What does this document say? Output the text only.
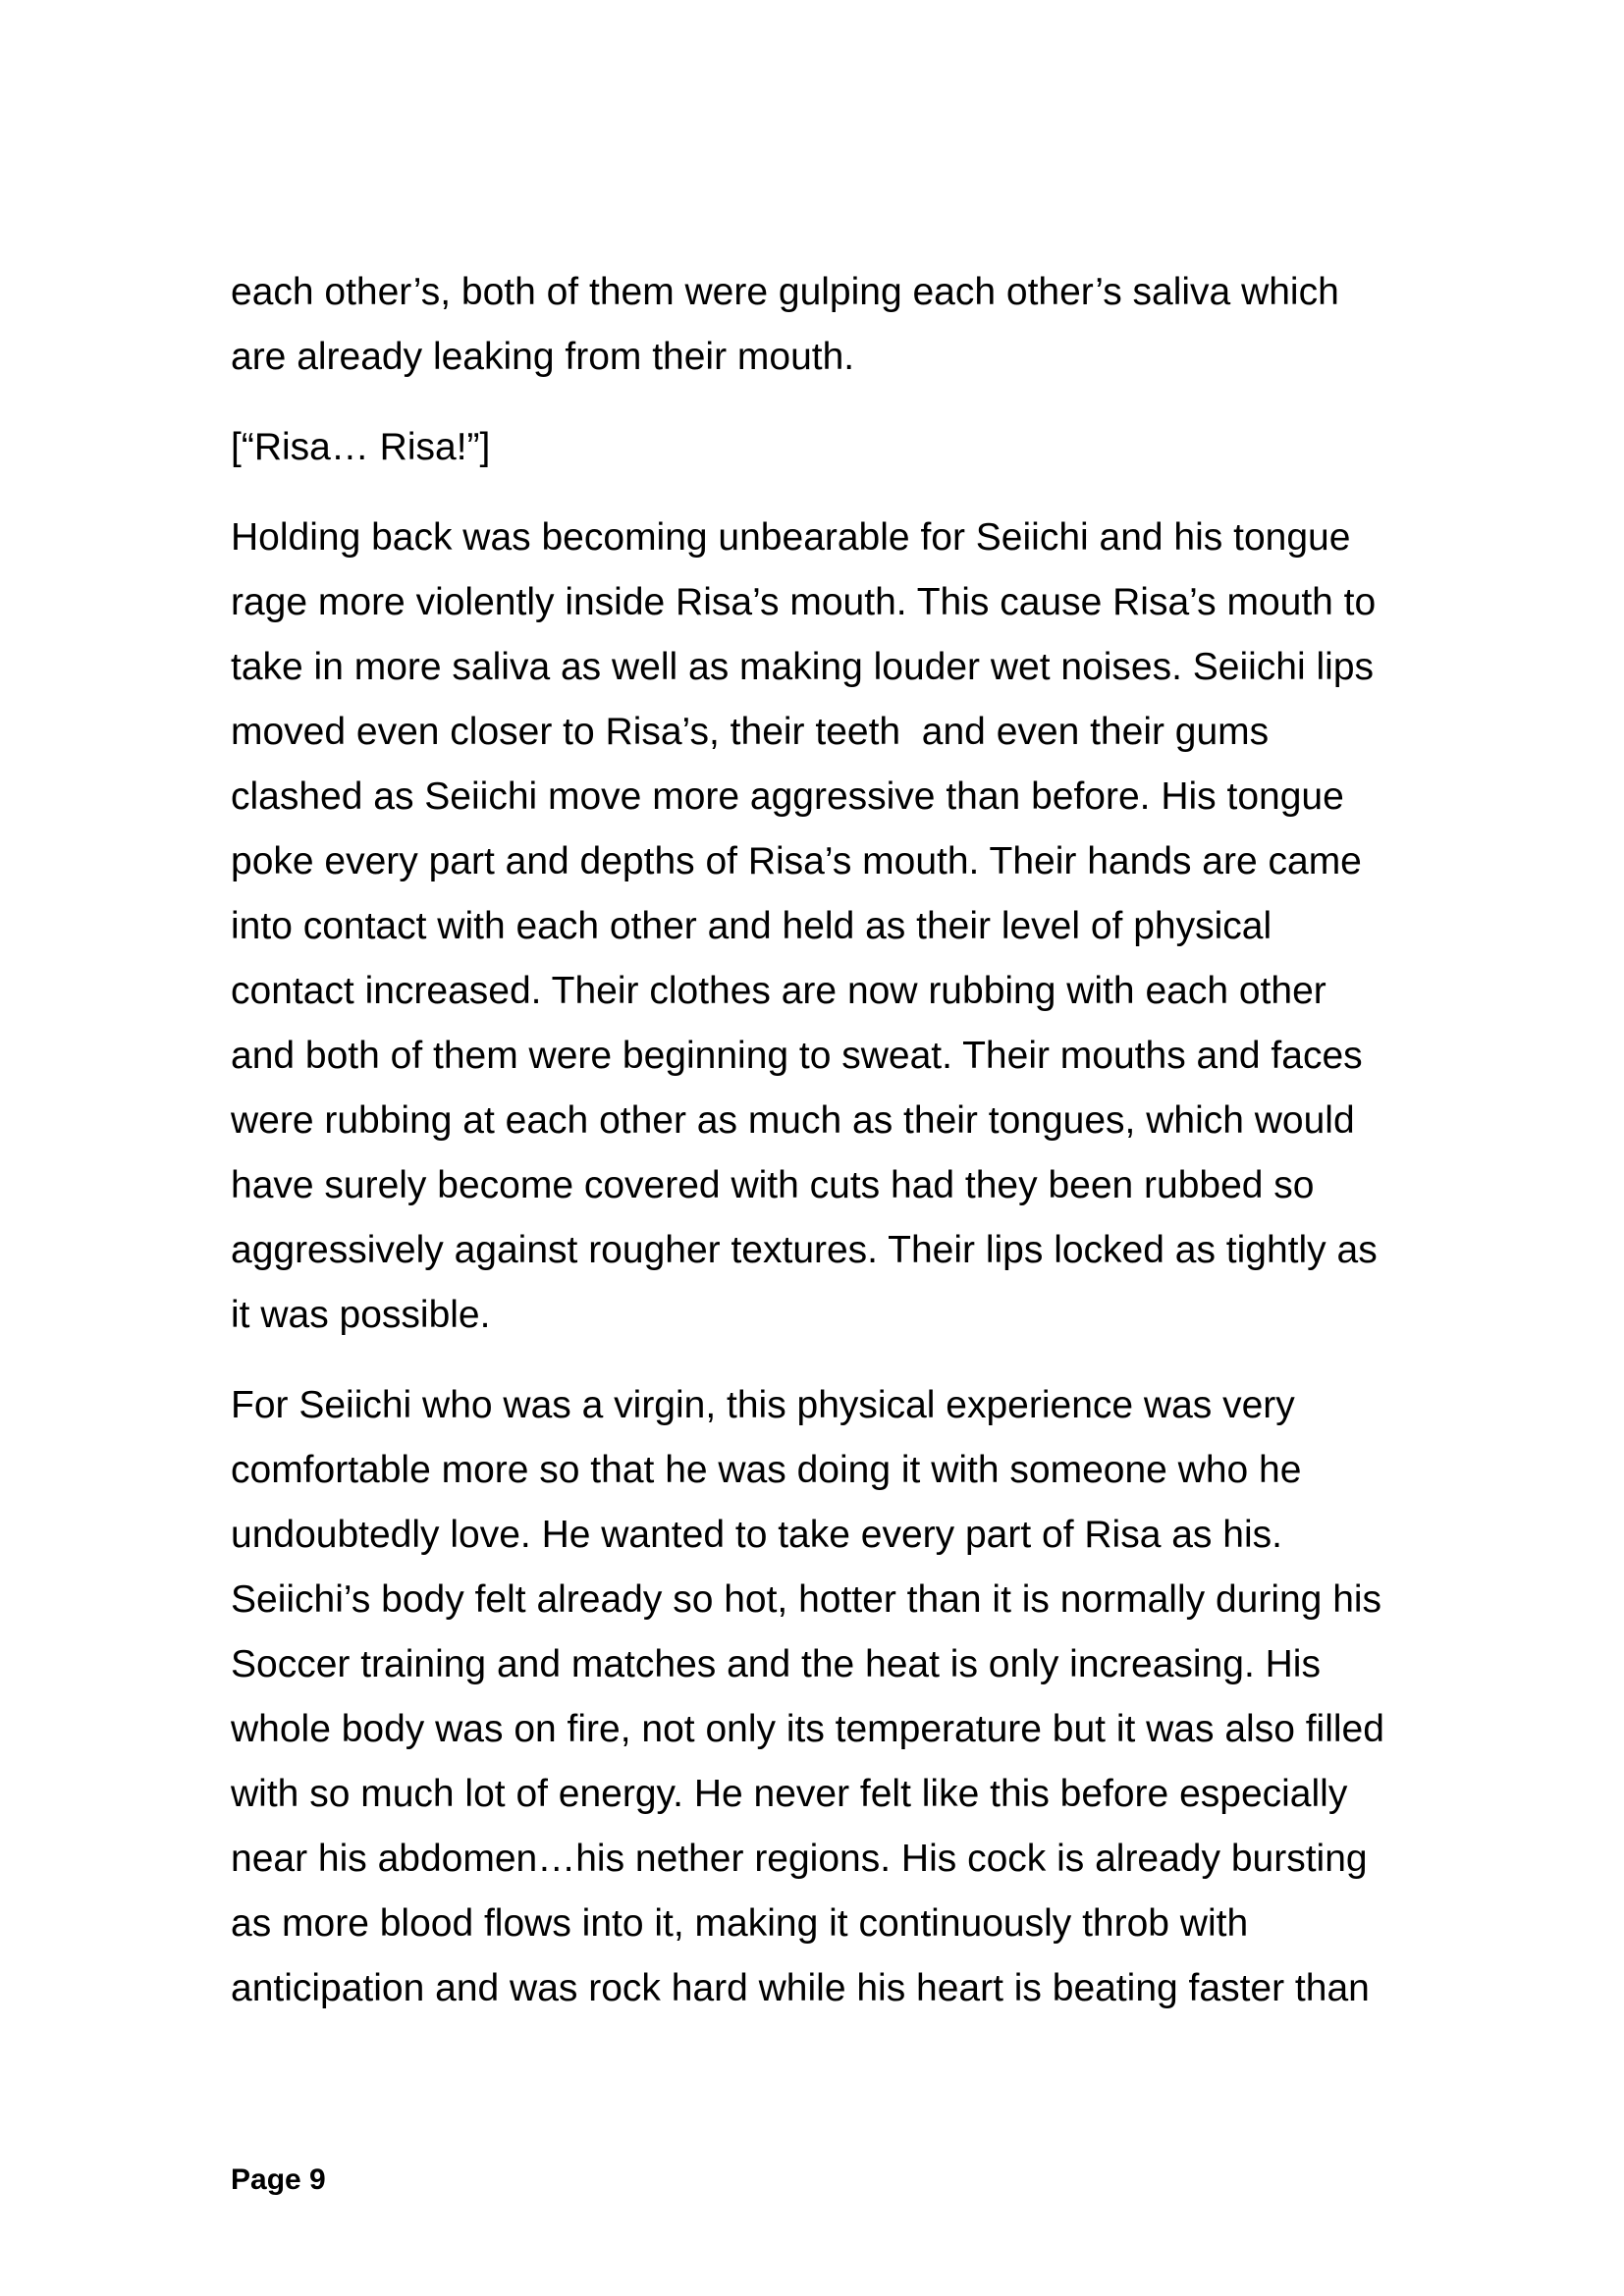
each other’s, both of them were gulping each other’s saliva which
are already leaking from their mouth.

[“Risa… Risa!”]

Holding back was becoming unbearable for Seiichi and his tongue
rage more violently inside Risa’s mouth. This cause Risa’s mouth to
take in more saliva as well as making louder wet noises. Seiichi lips
moved even closer to Risa’s, their teeth  and even their gums
clashed as Seiichi move more aggressive than before. His tongue
poke every part and depths of Risa’s mouth. Their hands are came
into contact with each other and held as their level of physical
contact increased. Their clothes are now rubbing with each other
and both of them were beginning to sweat. Their mouths and faces
were rubbing at each other as much as their tongues, which would
have surely become covered with cuts had they been rubbed so
aggressively against rougher textures. Their lips locked as tightly as
it was possible.

For Seiichi who was a virgin, this physical experience was very
comfortable more so that he was doing it with someone who he
undoubtedly love. He wanted to take every part of Risa as his.
Seiichi’s body felt already so hot, hotter than it is normally during his
Soccer training and matches and the heat is only increasing. His
whole body was on fire, not only its temperature but it was also filled
with so much lot of energy. He never felt like this before especially
near his abdomen…his nether regions. His cock is already bursting
as more blood flows into it, making it continuously throb with
anticipation and was rock hard while his heart is beating faster than

Page 9
